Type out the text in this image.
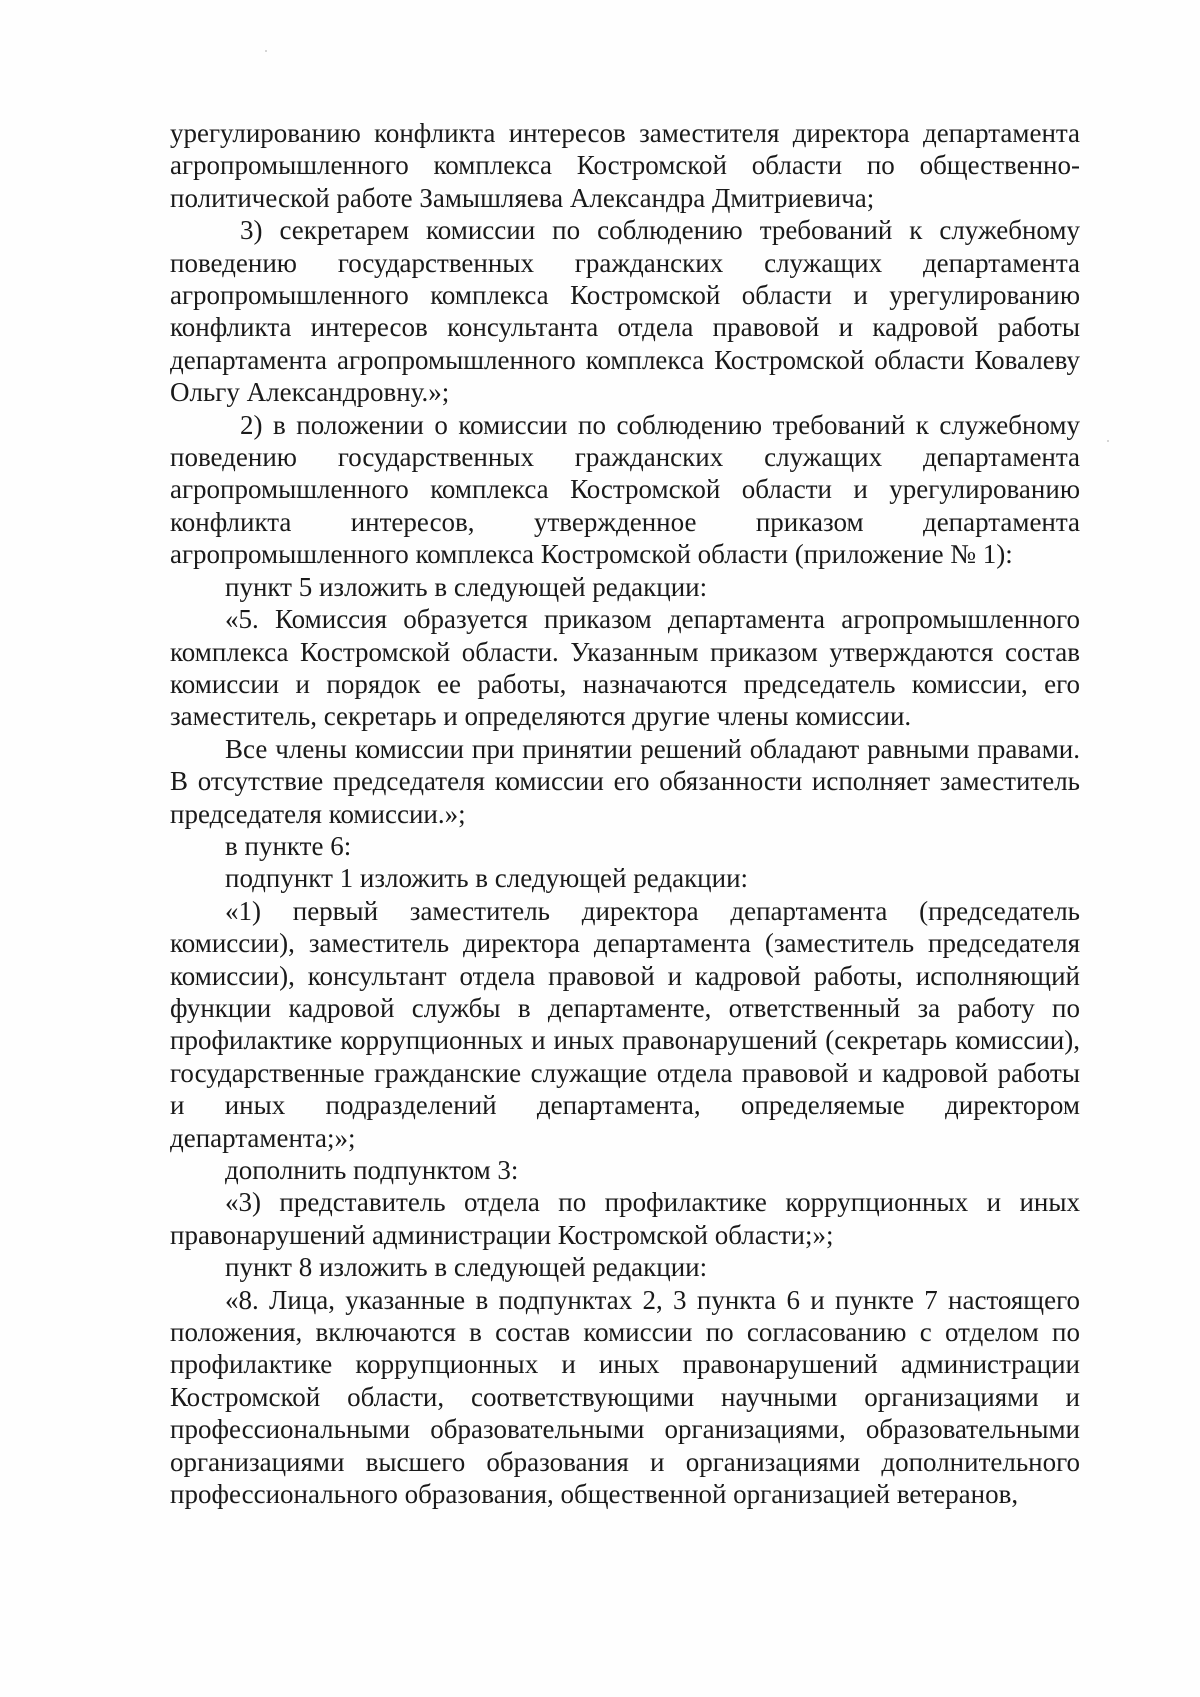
урегулированию конфликта интересов заместителя директора департамента агропромышленного комплекса Костромской области по общественно-политической работе Замышляева Александра Дмитриевича;

3) секретарем комиссии по соблюдению требований к служебному поведению государственных гражданских служащих департамента агропромышленного комплекса Костромской области и урегулированию конфликта интересов консультанта отдела правовой и кадровой работы департамента агропромышленного комплекса Костромской области Ковалеву Ольгу Александровну.»;

2) в положении о комиссии по соблюдению требований к служебному поведению государственных гражданских служащих департамента агропромышленного комплекса Костромской области и урегулированию конфликта интересов, утвержденное приказом департамента агропромышленного комплекса Костромской области (приложение № 1):

пункт 5 изложить в следующей редакции:

«5. Комиссия образуется приказом департамента агропромышленного комплекса Костромской области. Указанным приказом утверждаются состав комиссии и порядок ее работы, назначаются председатель комиссии, его заместитель, секретарь и определяются другие члены комиссии.

Все члены комиссии при принятии решений обладают равными правами. В отсутствие председателя комиссии его обязанности исполняет заместитель председателя комиссии.»;

в пункте 6:

подпункт 1 изложить в следующей редакции:

«1) первый заместитель директора департамента (председатель комиссии), заместитель директора департамента (заместитель председателя комиссии), консультант отдела правовой и кадровой работы, исполняющий функции кадровой службы в департаменте, ответственный за работу по профилактике коррупционных и иных правонарушений (секретарь комиссии), государственные гражданские служащие отдела правовой и кадровой работы и иных подразделений департамента, определяемые директором департамента;»;

дополнить подпунктом 3:

«3) представитель отдела по профилактике коррупционных и иных правонарушений администрации Костромской области;»;

пункт 8 изложить в следующей редакции:

«8. Лица, указанные в подпунктах 2, 3 пункта 6 и пункте 7 настоящего положения, включаются в состав комиссии по согласованию с отделом по профилактике коррупционных и иных правонарушений администрации Костромской области, соответствующими научными организациями и профессиональными образовательными организациями, образовательными организациями высшего образования и организациями дополнительного профессионального образования, общественной организацией ветеранов,
